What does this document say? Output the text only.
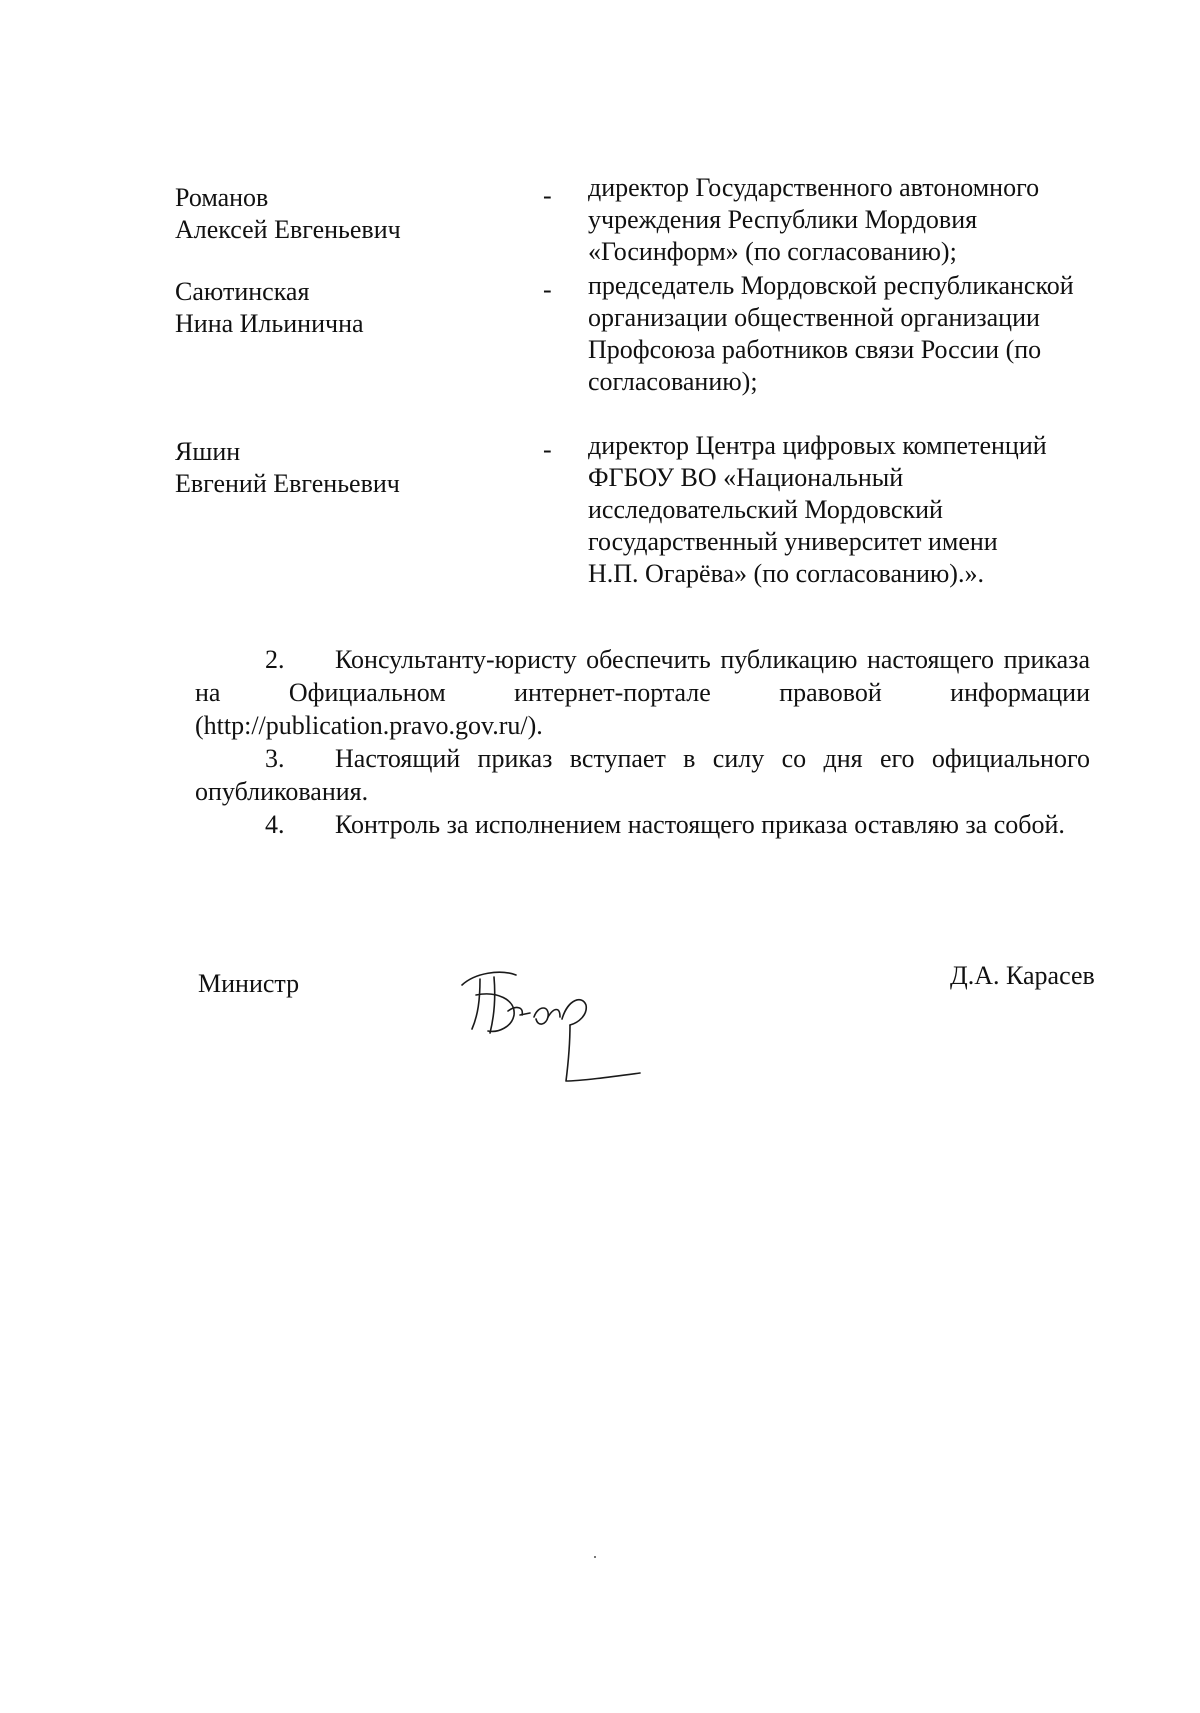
Романов
Алексей Евгеньевич
- директор Государственного автономного
учреждения Республики Мордовия
«Госинформ» (по согласованию);
Саютинская
Нина Ильинична
- председатель Мордовской республиканской
организации общественной организации
Профсоюза работников связи России (по
согласованию);
Яшин
Евгений Евгеньевич
- директор Центра цифровых компетенций
ФГБОУ ВО «Национальный
исследовательский Мордовский
государственный университет имени
Н.П. Огарёва» (по согласованию).».

2. Консультанту-юристу обеспечить публикацию настоящего приказа на Официальном интернет-портале правовой информации (http://publication.pravo.gov.ru/).

3. Настоящий приказ вступает в силу со дня его официального опубликования.

4. Контроль за исполнением настоящего приказа оставляю за собой.

Министр	Д.А. Карасев
